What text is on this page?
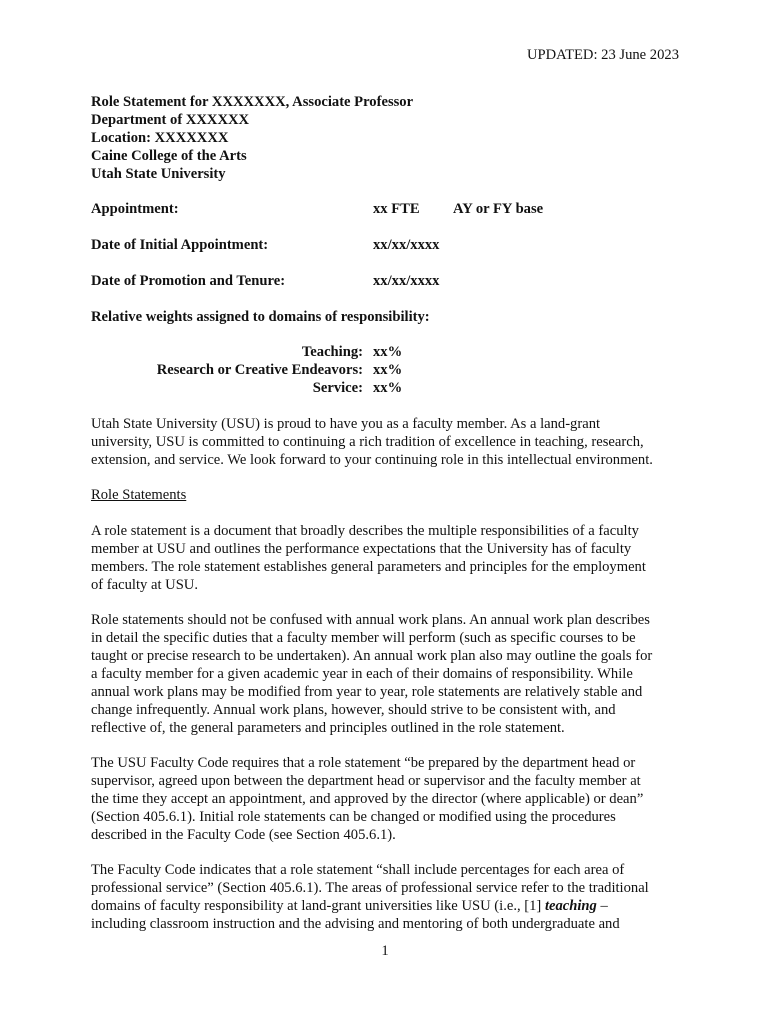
UPDATED: 23 June 2023
Role Statement for XXXXXXX, Associate Professor
Department of XXXXXX
Location: XXXXXXX
Caine College of the Arts
Utah State University
Appointment:	xx FTE AY or FY base
Date of Initial Appointment:	xx/xx/xxxx
Date of Promotion and Tenure:	xx/xx/xxxx
Relative weights assigned to domains of responsibility:
Teaching: xx%
Research or Creative Endeavors: xx%
Service: xx%

Utah State University (USU) is proud to have you as a faculty member. As a land-grant
university, USU is committed to continuing a rich tradition of excellence in teaching, research,
extension, and service. We look forward to your continuing role in this intellectual environment.

Role Statements

A role statement is a document that broadly describes the multiple responsibilities of a faculty
member at USU and outlines the performance expectations that the University has of faculty
members. The role statement establishes general parameters and principles for the employment
of faculty at USU.

Role statements should not be confused with annual work plans. An annual work plan describes
in detail the specific duties that a faculty member will perform (such as specific courses to be
taught or precise research to be undertaken). An annual work plan also may outline the goals for
a faculty member for a given academic year in each of their domains of responsibility. While
annual work plans may be modified from year to year, role statements are relatively stable and
change infrequently. Annual work plans, however, should strive to be consistent with, and
reflective of, the general parameters and principles outlined in the role statement.

The USU Faculty Code requires that a role statement “be prepared by the department head or
supervisor, agreed upon between the department head or supervisor and the faculty member at
the time they accept an appointment, and approved by the director (where applicable) or dean”
(Section 405.6.1). Initial role statements can be changed or modified using the procedures
described in the Faculty Code (see Section 405.6.1).

The Faculty Code indicates that a role statement “shall include percentages for each area of
professional service” (Section 405.6.1). The areas of professional service refer to the traditional
domains of faculty responsibility at land-grant universities like USU (i.e., [1] teaching –
including classroom instruction and the advising and mentoring of both undergraduate and

1
